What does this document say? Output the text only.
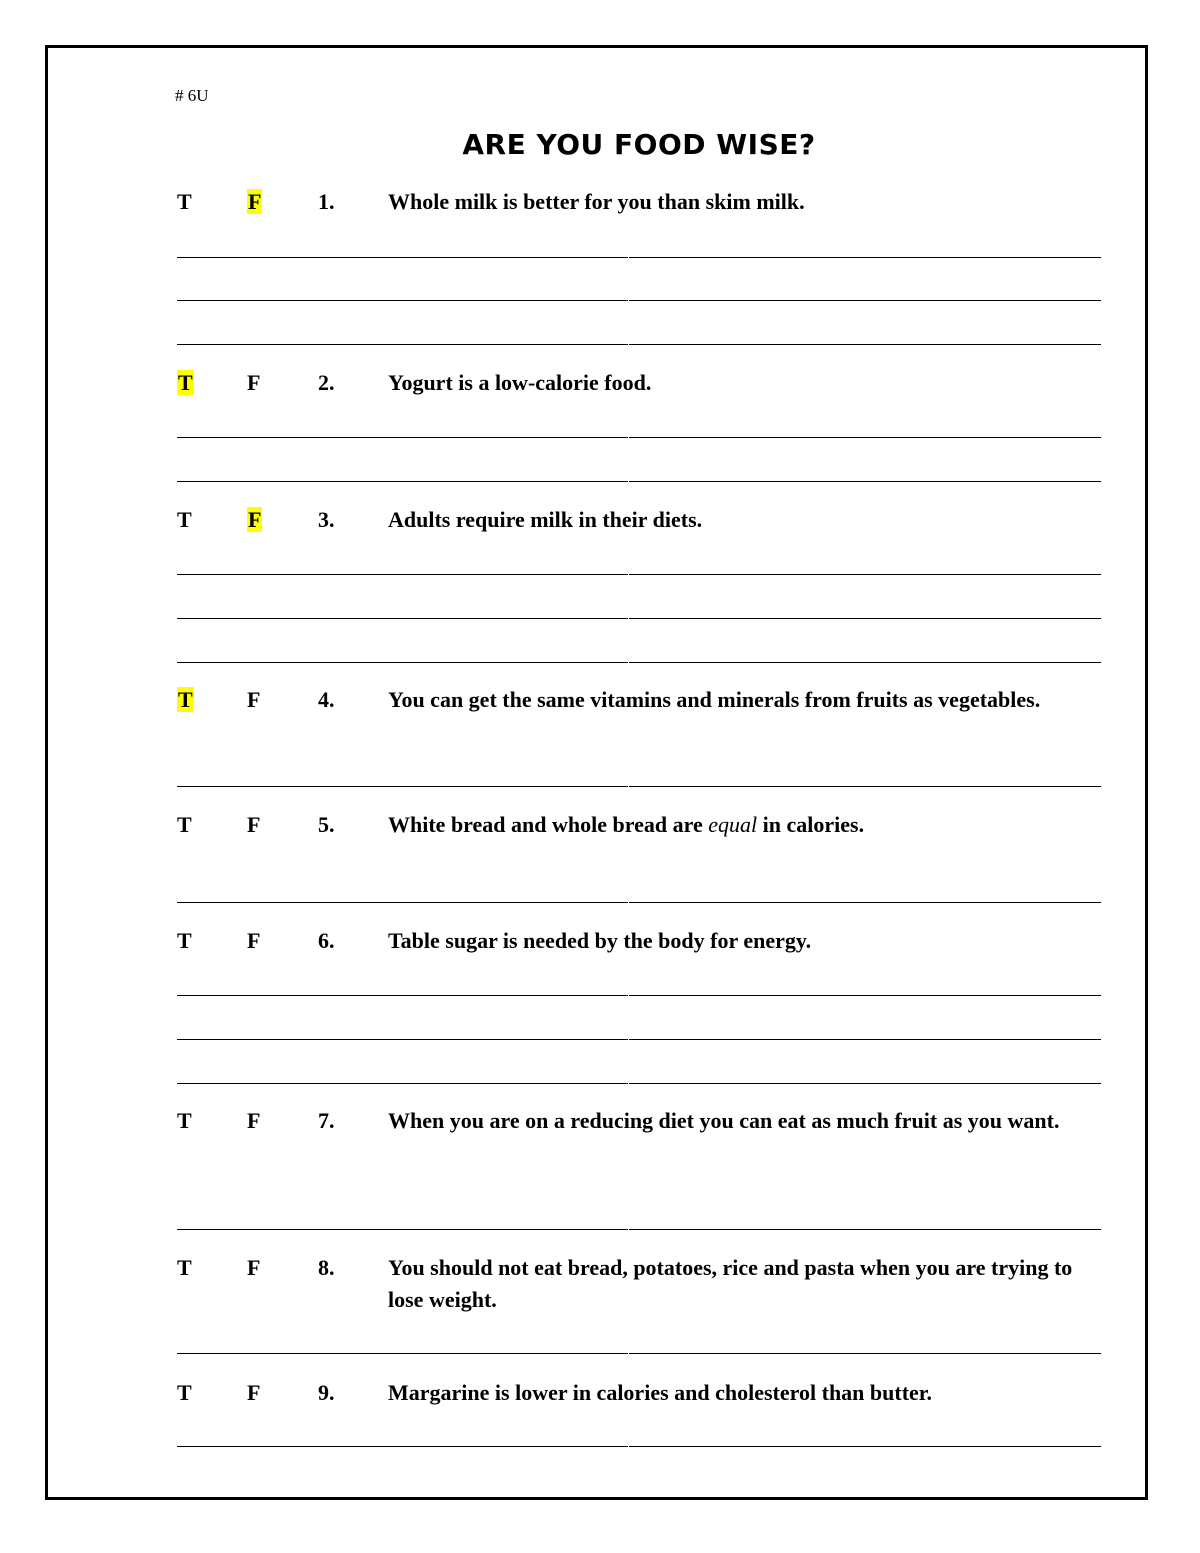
# 6U
ARE YOU FOOD WISE?
T	F	1. Whole milk is better for you than skim milk.
T F	2. Yogurt is a low-calorie food.
T	F	3. Adults require milk in their diets.
T F	4. You can get the same vitamins and minerals from fruits as vegetables.
T	F	5. White bread and whole bread are equal in calories.
T	F	6. Table sugar is needed by the body for energy.
T	F	7. When you are on a reducing diet you can eat as much fruit as you want.
T	F	8. You should not eat bread, potatoes, rice and pasta when you are trying to lose weight.
T	F	9. Margarine is lower in calories and cholesterol than butter.
